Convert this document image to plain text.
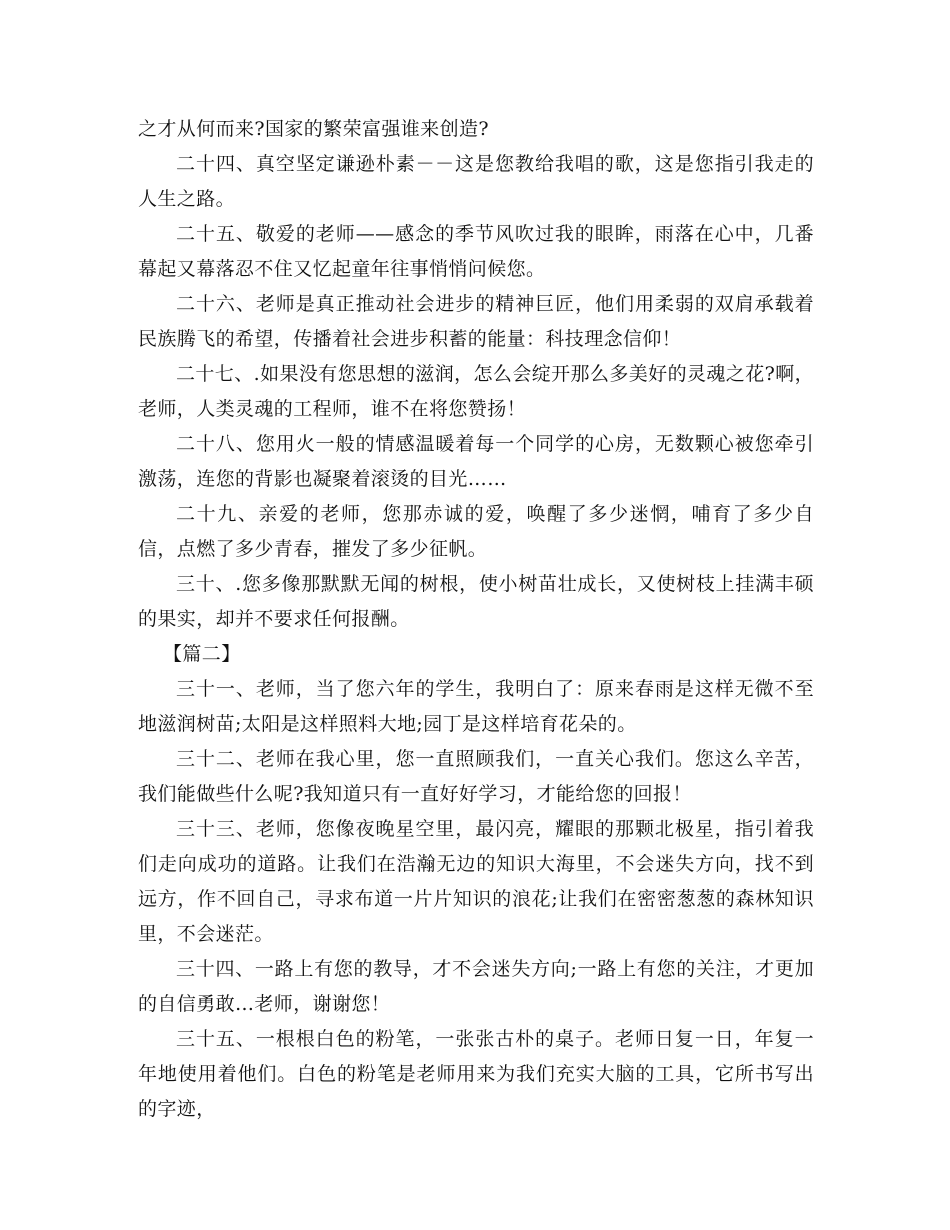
之才从何而来?国家的繁荣富强谁来创造?

二十四、真空坚定谦逊朴素－－这是您教给我唱的歌，这是您指引我走的人生之路。

二十五、敬爱的老师——感念的季节风吹过我的眼眸，雨落在心中，几番幕起又幕落忍不住又忆起童年往事悄悄问候您。

二十六、老师是真正推动社会进步的精神巨匠，他们用柔弱的双肩承载着民族腾飞的希望，传播着社会进步积蓄的能量：科技理念信仰！

二十七、.如果没有您思想的滋润，怎么会绽开那么多美好的灵魂之花?啊，老师，人类灵魂的工程师，谁不在将您赞扬！

二十八、您用火一般的情感温暖着每一个同学的心房，无数颗心被您牵引激荡，连您的背影也凝聚着滚烫的目光……

二十九、亲爱的老师，您那赤诚的爱，唤醒了多少迷惘，哺育了多少自信，点燃了多少青春，摧发了多少征帆。

三十、.您多像那默默无闻的树根，使小树苗壮成长，又使树枝上挂满丰硕的果实，却并不要求任何报酬。

【篇二】

三十一、老师，当了您六年的学生，我明白了：原来春雨是这样无微不至地滋润树苗;太阳是这样照料大地;园丁是这样培育花朵的。

三十二、老师在我心里，您一直照顾我们，一直关心我们。您这么辛苦，我们能做些什么呢?我知道只有一直好好学习，才能给您的回报！

三十三、老师，您像夜晚星空里，最闪亮，耀眼的那颗北极星，指引着我们走向成功的道路。让我们在浩瀚无边的知识大海里，不会迷失方向，找不到远方，作不回自己，寻求布道一片片知识的浪花;让我们在密密葱葱的森林知识里，不会迷茫。

三十四、一路上有您的教导，才不会迷失方向;一路上有您的关注，才更加的自信勇敢…老师，谢谢您！

三十五、一根根白色的粉笔，一张张古朴的桌子。老师日复一日，年复一年地使用着他们。白色的粉笔是老师用来为我们充实大脑的工具，它所书写出的字迹，
